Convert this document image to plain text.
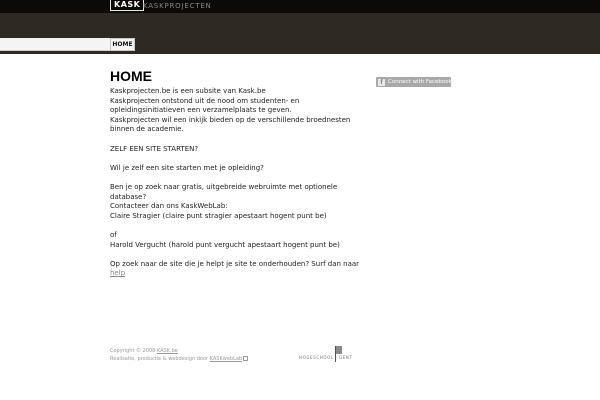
KASK KASKPROJECTEN
HOME
HOME

Kaskprojecten.be is een subsite van Kask.be

Kaskprojecten ontstond uit de nood om studenten- en opleidingsinitiatieven een verzamelplaats te geven.

Kaskprojecten wil een inkijk bieden op de verschillende broednesten binnen de academie.

ZELF EEN SITE STARTEN?

Wil je zelf een site starten met je opleiding?

Ben je op zoek naar gratis, uitgebreide webruimte met optionele database?

Contacteer dan ons KaskWebLab:

Claire Stragier (claire punt stragier apestaart hogent punt be)

of

Harold Vergucht (harold punt vergucht apestaart hogent punt be)

Op zoek naar de site die je helpt je site te onderhouden? Surf dan naar help

f Connect with Facebook
Copyright © 2008 KASK.be
Realisatie, productie & webdesign door KASKwebLab	HOGESCHOOL GENT
